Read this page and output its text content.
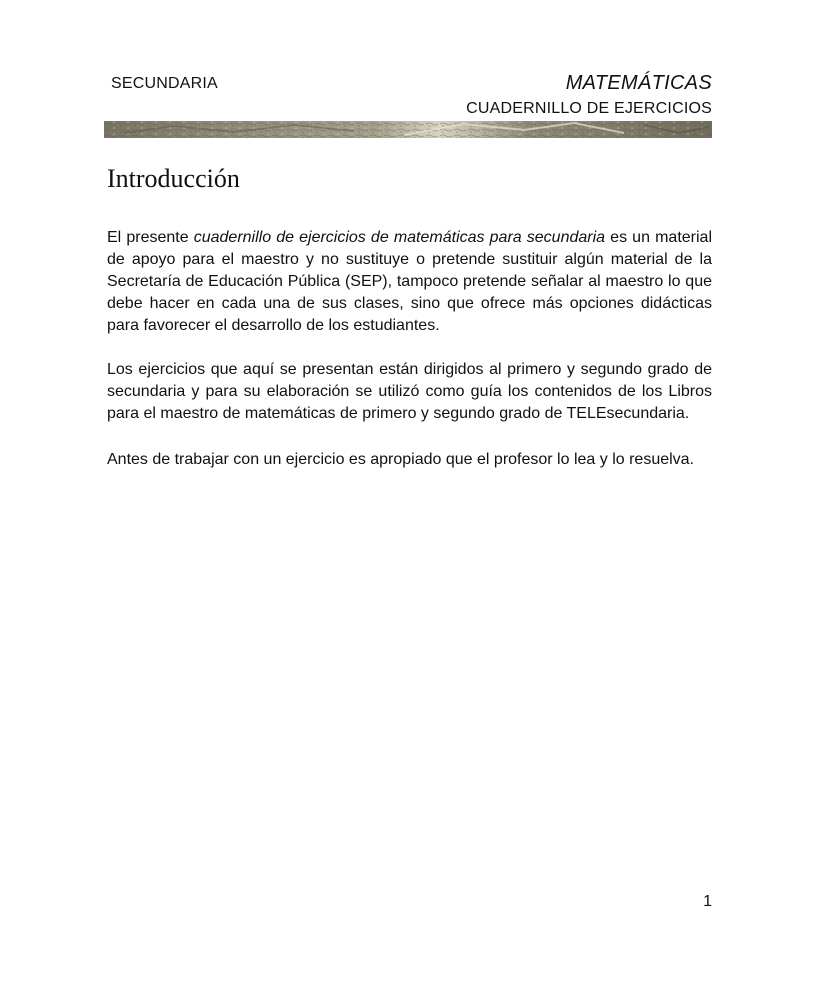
SECUNDARIA	MATEMÁTICAS
CUADERNILLO DE EJERCICIOS
Introducción

El presente cuadernillo de ejercicios de matemáticas para secundaria es un material de apoyo para el maestro y no sustituye o pretende sustituir algún material de la Secretaría de Educación Pública (SEP), tampoco pretende señalar al maestro lo que debe hacer en cada una de sus clases, sino que ofrece más opciones didácticas para favorecer el desarrollo de los estudiantes.

Los ejercicios que aquí se presentan están dirigidos al primero y segundo grado de secundaria y para su elaboración se utilizó como guía los contenidos de los Libros para el maestro de matemáticas de primero y segundo grado de TELEsecundaria.

Antes de trabajar con un ejercicio es apropiado que el profesor lo lea y lo resuelva.

1
